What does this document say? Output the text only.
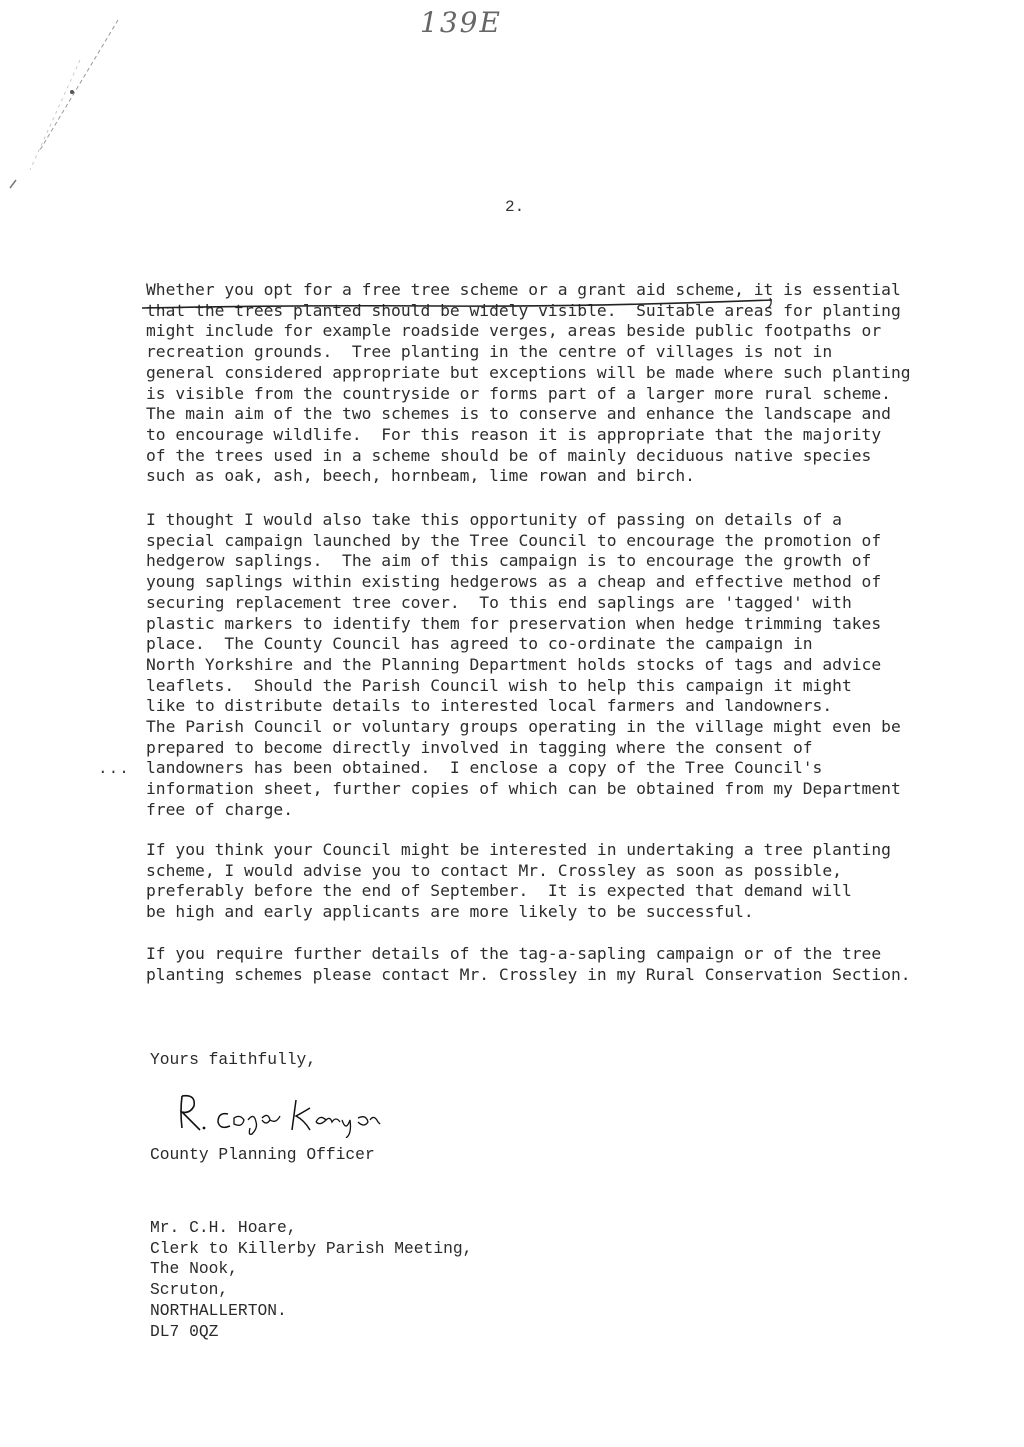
139E
2.
Whether you opt for a free tree scheme or a grant aid scheme, it is essential
that the trees planted should be widely visible.  Suitable areas for planting
might include for example roadside verges, areas beside public footpaths or
recreation grounds.  Tree planting in the centre of villages is not in
general considered appropriate but exceptions will be made where such planting
is visible from the countryside or forms part of a larger more rural scheme.
The main aim of the two schemes is to conserve and enhance the landscape and
to encourage wildlife.  For this reason it is appropriate that the majority
of the trees used in a scheme should be of mainly deciduous native species
such as oak, ash, beech, hornbeam, lime rowan and birch.
I thought I would also take this opportunity of passing on details of a
special campaign launched by the Tree Council to encourage the promotion of
hedgerow saplings.  The aim of this campaign is to encourage the growth of
young saplings within existing hedgerows as a cheap and effective method of
securing replacement tree cover.  To this end saplings are 'tagged' with
plastic markers to identify them for preservation when hedge trimming takes
place.  The County Council has agreed to co-ordinate the campaign in
North Yorkshire and the Planning Department holds stocks of tags and advice
leaflets.  Should the Parish Council wish to help this campaign it might
like to distribute details to interested local farmers and landowners.
The Parish Council or voluntary groups operating in the village might even be
prepared to become directly involved in tagging where the consent of
landowners has been obtained.  I enclose a copy of the Tree Council's
information sheet, further copies of which can be obtained from my Department
free of charge.
...
If you think your Council might be interested in undertaking a tree planting
scheme, I would advise you to contact Mr. Crossley as soon as possible,
preferably before the end of September.  It is expected that demand will
be high and early applicants are more likely to be successful.
If you require further details of the tag-a-sapling campaign or of the tree
planting schemes please contact Mr. Crossley in my Rural Conservation Section.
Yours faithfully,
County Planning Officer
Mr. C.H. Hoare,
Clerk to Killerby Parish Meeting,
The Nook,
Scruton,
NORTHALLERTON.
DL7 0QZ
